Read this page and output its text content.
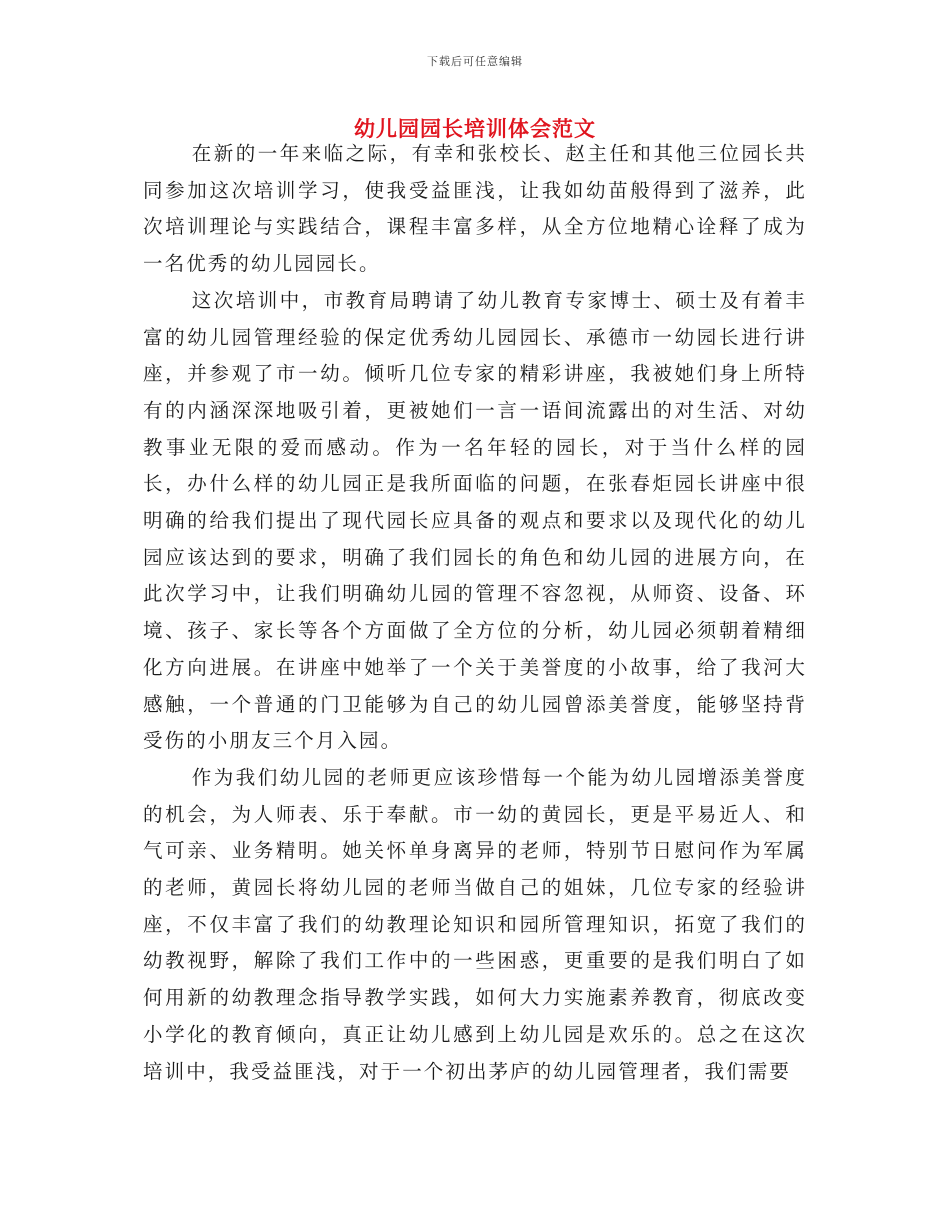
下载后可任意编辑
幼儿园园长培训体会范文

在新的一年来临之际，有幸和张校长、赵主任和其他三位园长共同参加这次培训学习，使我受益匪浅，让我如幼苗般得到了滋养，此次培训理论与实践结合，课程丰富多样，从全方位地精心诠释了成为一名优秀的幼儿园园长。

这次培训中，市教育局聘请了幼儿教育专家博士、硕士及有着丰富的幼儿园管理经验的保定优秀幼儿园园长、承德市一幼园长进行讲座，并参观了市一幼。倾听几位专家的精彩讲座，我被她们身上所特有的内涵深深地吸引着，更被她们一言一语间流露出的对生活、对幼教事业无限的爱而感动。作为一名年轻的园长，对于当什么样的园长，办什么样的幼儿园正是我所面临的问题，在张春炬园长讲座中很明确的给我们提出了现代园长应具备的观点和要求以及现代化的幼儿园应该达到的要求，明确了我们园长的角色和幼儿园的进展方向，在此次学习中，让我们明确幼儿园的管理不容忽视，从师资、设备、环境、孩子、家长等各个方面做了全方位的分析，幼儿园必须朝着精细化方向进展。在讲座中她举了一个关于美誉度的小故事，给了我河大感触，一个普通的门卫能够为自己的幼儿园曾添美誉度，能够坚持背受伤的小朋友三个月入园。

作为我们幼儿园的老师更应该珍惜每一个能为幼儿园增添美誉度的机会，为人师表、乐于奉献。市一幼的黄园长，更是平易近人、和气可亲、业务精明。她关怀单身离异的老师，特别节日慰问作为军属的老师，黄园长将幼儿园的老师当做自己的姐妹，几位专家的经验讲座，不仅丰富了我们的幼教理论知识和园所管理知识，拓宽了我们的幼教视野，解除了我们工作中的一些困惑，更重要的是我们明白了如何用新的幼教理念指导教学实践，如何大力实施素养教育，彻底改变小学化的教育倾向，真正让幼儿感到上幼儿园是欢乐的。总之在这次培训中，我受益匪浅，对于一个初出茅庐的幼儿园管理者，我们需要
